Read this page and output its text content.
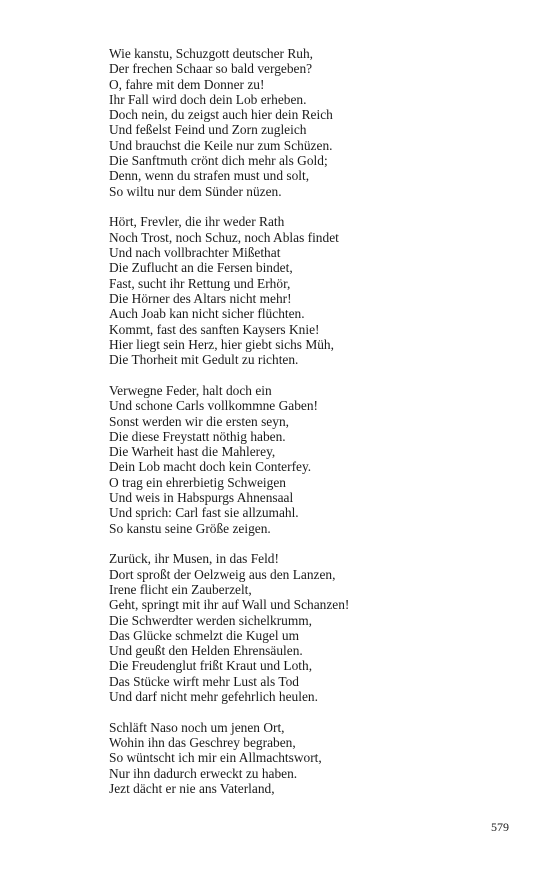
Wie kanstu, Schuzgott deutscher Ruh,
Der frechen Schaar so bald vergeben?
O, fahre mit dem Donner zu!
Ihr Fall wird doch dein Lob erheben.
Doch nein, du zeigst auch hier dein Reich
Und feßelst Feind und Zorn zugleich
Und brauchst die Keile nur zum Schüzen.
Die Sanftmuth crönt dich mehr als Gold;
Denn, wenn du strafen must und solt,
So wiltu nur dem Sünder nüzen.
Hört, Frevler, die ihr weder Rath
Noch Trost, noch Schuz, noch Ablas findet
Und nach vollbrachter Mißethat
Die Zuflucht an die Fersen bindet,
Fast, sucht ihr Rettung und Erhör,
Die Hörner des Altars nicht mehr!
Auch Joab kan nicht sicher flüchten.
Kommt, fast des sanften Kaysers Knie!
Hier liegt sein Herz, hier giebt sichs Müh,
Die Thorheit mit Gedult zu richten.
Verwegne Feder, halt doch ein
Und schone Carls vollkommne Gaben!
Sonst werden wir die ersten seyn,
Die diese Freystatt nöthig haben.
Die Warheit hast die Mahlerey,
Dein Lob macht doch kein Conterfey.
O trag ein ehrerbietig Schweigen
Und weis in Habspurgs Ahnensaal
Und sprich: Carl fast sie allzumahl.
So kanstu seine Größe zeigen.
Zurück, ihr Musen, in das Feld!
Dort sproßt der Oelzweig aus den Lanzen,
Irene flicht ein Zauberzelt,
Geht, springt mit ihr auf Wall und Schanzen!
Die Schwerdter werden sichelkrumm,
Das Glücke schmelzt die Kugel um
Und geußt den Helden Ehrensäulen.
Die Freudenglut frißt Kraut und Loth,
Das Stücke wirft mehr Lust als Tod
Und darf nicht mehr gefehrlich heulen.
Schläft Naso noch um jenen Ort,
Wohin ihn das Geschrey begraben,
So wüntscht ich mir ein Allmachtswort,
Nur ihn dadurch erweckt zu haben.
Jezt dächt er nie ans Vaterland,
579
